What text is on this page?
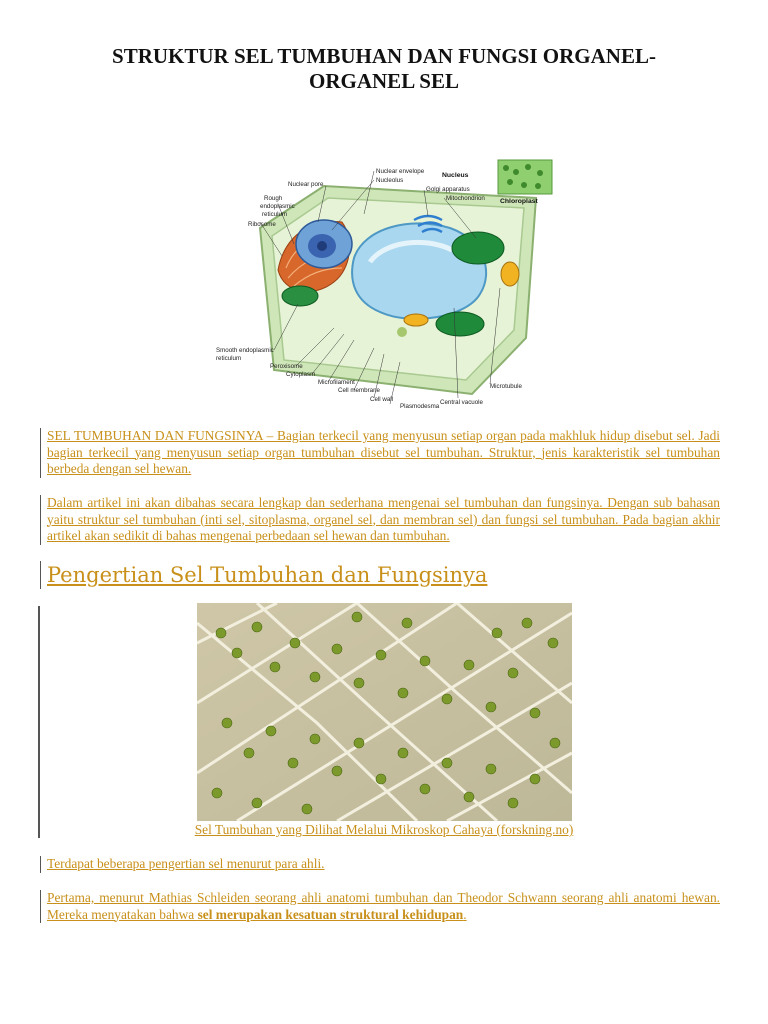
STRUKTUR SEL TUMBUHAN DAN FUNGSI ORGANEL-ORGANEL SEL
Nuclear envelope
Nucleolus
Nucleus
Nuclear pore
Golgi apparatus
Mitochondrion Chloroplast
Rough
endoplasmic
reticulum
Ribosome
Smooth endoplasmic
reticulum
Peroxisome
Cytoplasm
Microfilament
Cell membrane
Cell wall
Plasmodesma
Central vacuole
Microtubule
SEL TUMBUHAN DAN FUNGSINYA – Bagian terkecil yang menyusun setiap organ pada makhluk hidup disebut sel. Jadi bagian terkecil yang menyusun setiap organ tumbuhan disebut sel tumbuhan. Struktur, jenis karakteristik sel tumbuhan berbeda dengan sel hewan.
Dalam artikel ini akan dibahas secara lengkap dan sederhana mengenai sel tumbuhan dan fungsinya. Dengan sub bahasan yaitu struktur sel tumbuhan (inti sel, sitoplasma, organel sel, dan membran sel) dan fungsi sel tumbuhan. Pada bagian akhir artikel akan sedikit di bahas mengenai perbedaan sel hewan dan tumbuhan.
Pengertian Sel Tumbuhan dan Fungsinya
Sel Tumbuhan yang Dilihat Melalui Mikroskop Cahaya (forskning.no)
Terdapat beberapa pengertian sel menurut para ahli.
Pertama, menurut Mathias Schleiden seorang ahli anatomi tumbuhan dan Theodor Schwann seorang ahli anatomi hewan. Mereka menyatakan bahwa sel merupakan kesatuan struktural kehidupan.
